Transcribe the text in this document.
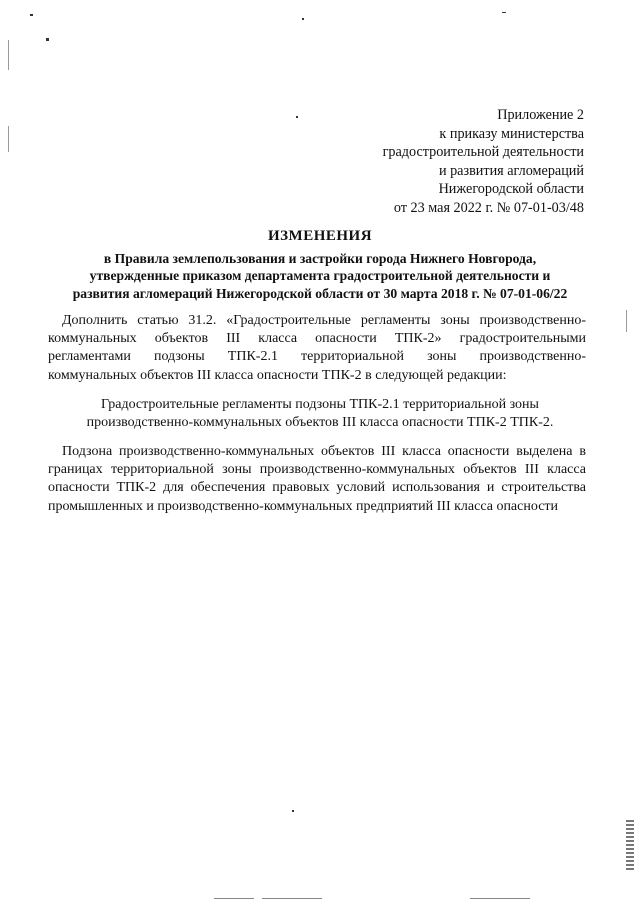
Приложение 2
к приказу министерства
градостроительной деятельности
и развития агломераций
Нижегородской области
от 23 мая 2022 г. № 07-01-03/48
ИЗМЕНЕНИЯ
в Правила землепользования и застройки города Нижнего Новгорода,
утвержденные приказом департамента градостроительной деятельности и
развития агломераций Нижегородской области от 30 марта 2018 г. № 07-01-06/22
Дополнить статью 31.2. «Градостроительные регламенты зоны производственно-
коммунальных объектов III класса опасности ТПК-2» градостроительными
регламентами подзоны ТПК-2.1 территориальной зоны производственно-
коммунальных объектов III класса опасности ТПК-2 в следующей редакции:
Градостроительные регламенты подзоны ТПК-2.1 территориальной зоны
производственно-коммунальных объектов III класса опасности ТПК-2 ТПК-2.
Подзона производственно-коммунальных объектов III класса опасности выделена в
границах территориальной зоны производственно-коммунальных объектов III класса
опасности ТПК-2 для обеспечения правовых условий использования и строительства
промышленных и производственно-коммунальных предприятий III класса опасности
